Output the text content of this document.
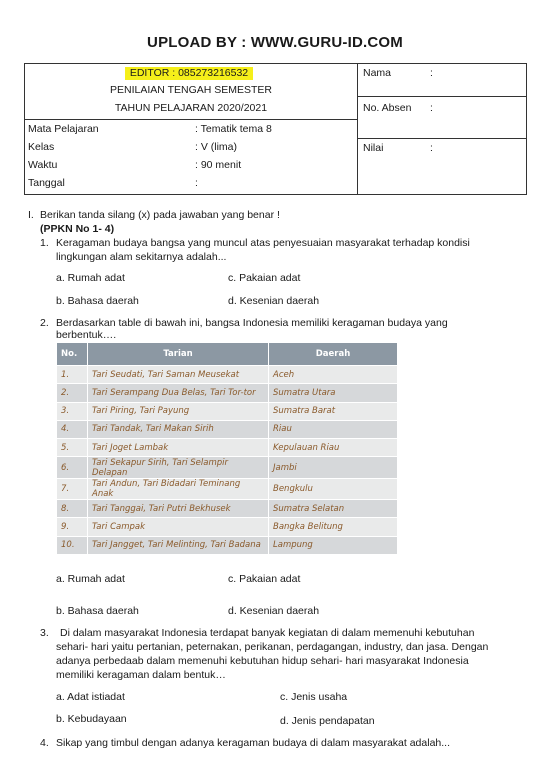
UPLOAD BY : WWW.GURU-ID.COM
EDITOR : 085273216532
PENILAIAN TENGAH SEMESTER
TAHUN PELAJARAN 2020/2021
Nama	:
No. Absen :
Nilai	:
Mata Pelajaran	: Tematik tema 8
Kelas	: V (lima)
Waktu	: 90 menit
Tanggal	:
I. Berikan tanda silang (x) pada jawaban yang benar !
(PPKN No 1- 4)
1. Keragaman budaya bangsa yang muncul atas penyesuaian masyarakat terhadap kondisi
lingkungan alam sekitarnya adalah...
a. Rumah adat	c. Pakaian adat
b. Bahasa daerah	d. Kesenian daerah
2. Berdasarkan table di bawah ini, bangsa Indonesia memiliki keragaman budaya yang
berbentuk….
No.	Tarian	Daerah
1.	Tari Seudati, Tari Saman Meusekat	Aceh
2.	Tari Serampang Dua Belas, Tari Tor-tor	Sumatra Utara
3.	Tari Piring, Tari Payung	Sumatra Barat
4.	Tari Tandak, Tari Makan Sirih	Riau
5.	Tari Joget Lambak	Kepulauan Riau
6.	Tari Sekapur Sirih, Tari Selampir Delapan	Jambi
7.	Tari Andun, Tari Bidadari Teminang Anak	Bengkulu
8.	Tari Tanggai, Tari Putri Bekhusek	Sumatra Selatan
9.	Tari Campak	Bangka Belitung
10.	Tari Jangget, Tari Melinting, Tari Badana	Lampung
a. Rumah adat	c. Pakaian adat
b. Bahasa daerah	d. Kesenian daerah
3. Di dalam masyarakat Indonesia terdapat banyak kegiatan di dalam memenuhi kebutuhan
sehari- hari yaitu pertanian, peternakan, perikanan, perdagangan, industry, dan jasa. Dengan
adanya perbedaab dalam memenuhi kebutuhan hidup sehari- hari masyarakat Indonesia
memiliki keragaman dalam bentuk…
a. Adat istiadat	c. Jenis usaha
b. Kebudayaan	d. Jenis pendapatan
4. Sikap yang timbul dengan adanya keragaman budaya di dalam masyarakat adalah...
